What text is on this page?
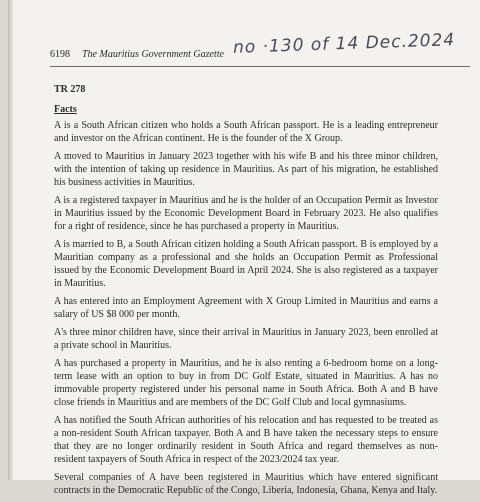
6198 The Mauritius Government Gazette no ·130 of 14 Dec.2024
TR 278
Facts

A is a South African citizen who holds a South African passport. He is a leading entrepreneur and investor on the African continent. He is the founder of the X Group.

A moved to Mauritius in January 2023 together with his wife B and his three minor children, with the intention of taking up residence in Mauritius. As part of his migration, he established his business activities in Mauritius.

A is a registered taxpayer in Mauritius and he is the holder of an Occupation Permit as Investor in Mauritius issued by the Economic Development Board in February 2023. He also qualifies for a right of residence, since he has purchased a property in Mauritius.

A is married to B, a South African citizen holding a South African passport. B is employed by a Mauritian company as a professional and she holds an Occupation Permit as Professional issued by the Economic Development Board in April 2024. She is also registered as a taxpayer in Mauritius.

A has entered into an Employment Agreement with X Group Limited in Mauritius and earns a salary of US $8 000 per month.

A's three minor children have, since their arrival in Mauritius in January 2023, been enrolled at a private school in Mauritius.

A has purchased a property in Mauritius, and he is also renting a 6-bedroom home on a long-term lease with an option to buy in from DC Golf Estate, situated in Mauritius. A has no immovable property registered under his personal name in South Africa. Both A and B have close friends in Mauritius and are members of the DC Golf Club and local gymnasiums.

A has notified the South African authorities of his relocation and has requested to be treated as a non-resident South African taxpayer. Both A and B have taken the necessary steps to ensure that they are no longer ordinarily resident in South Africa and regard themselves as non-resident taxpayers of South Africa in respect of the 2023/2024 tax year.

Several companies of A have been registered in Mauritius which have entered significant contracts in the Democratic Republic of the Congo, Liberia, Indonesia, Ghana, Kenya and Italy.
